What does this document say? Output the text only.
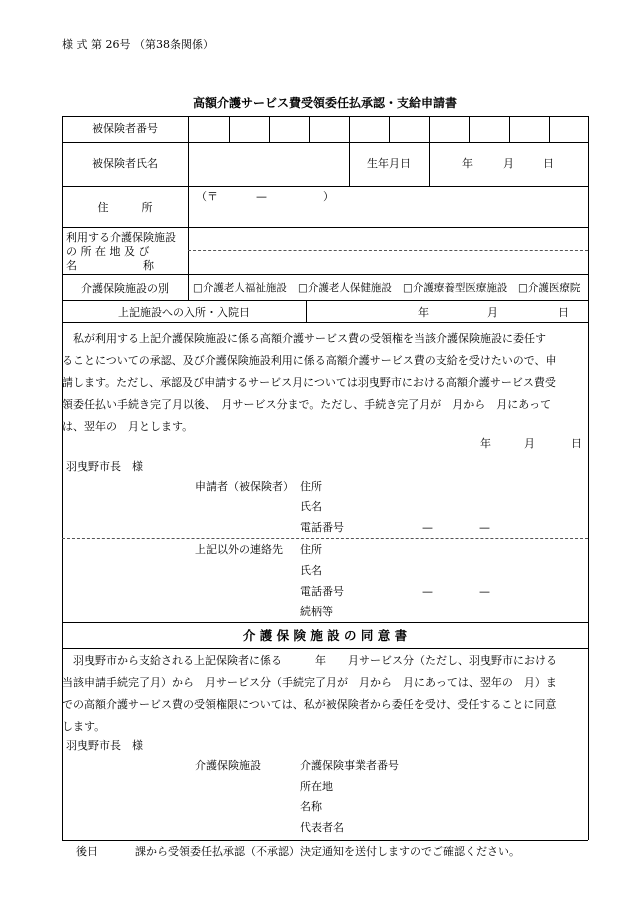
様 式 第 26号 （第38条関係）
高額介護サービス費受領委任払承認・支給申請書
被保険者番号
被保険者氏名	生年月日	年	月	日
住　　　所
（〒	—	）
利用する介護保険施設
の 所 在 地 及 び
名　　　　　　称
介護保険施設の別	□介護老人福祉施設 □介護老人保健施設 □介護療養型医療施設 □介護医療院
上記施設への入所・入院日	年	月	日
　私が利用する上記介護保険施設に係る高額介護サービス費の受領権を当該介護保険施設に委任す
ることについての承認、及び介護保険施設利用に係る高額介護サービス費の支給を受けたいので、申
請します。ただし、承認及び申請するサービス月については羽曳野市における高額介護サービス費受
領委任払い手続き完了月以後、　月サービス分まで。ただし、手続き完了月が　月から　月にあって
は、翌年の　月とします。
年	月	日
羽曳野市長　様
申請者（被保険者） 住所
氏名
電話番号	—	—
上記以外の連絡先 住所
氏名
電話番号	—	—
続柄等
介 護 保 険 施 設 の 同 意 書
　羽曳野市から支給される上記保険者に係る　　　年　　月サービス分（ただし、羽曳野市における
当該申請手続完了月）から　月サービス分（手続完了月が　月から　月にあっては、翌年の　月）ま
での高額介護サービス費の受領権限については、私が被保険者から委任を受け、受任することに同意
します。
羽曳野市長　様
介護保険施設	介護保険事業者番号
所在地
名称
代表者名
後日	課から受領委任払承認（不承認）決定通知を送付しますのでご確認ください。
